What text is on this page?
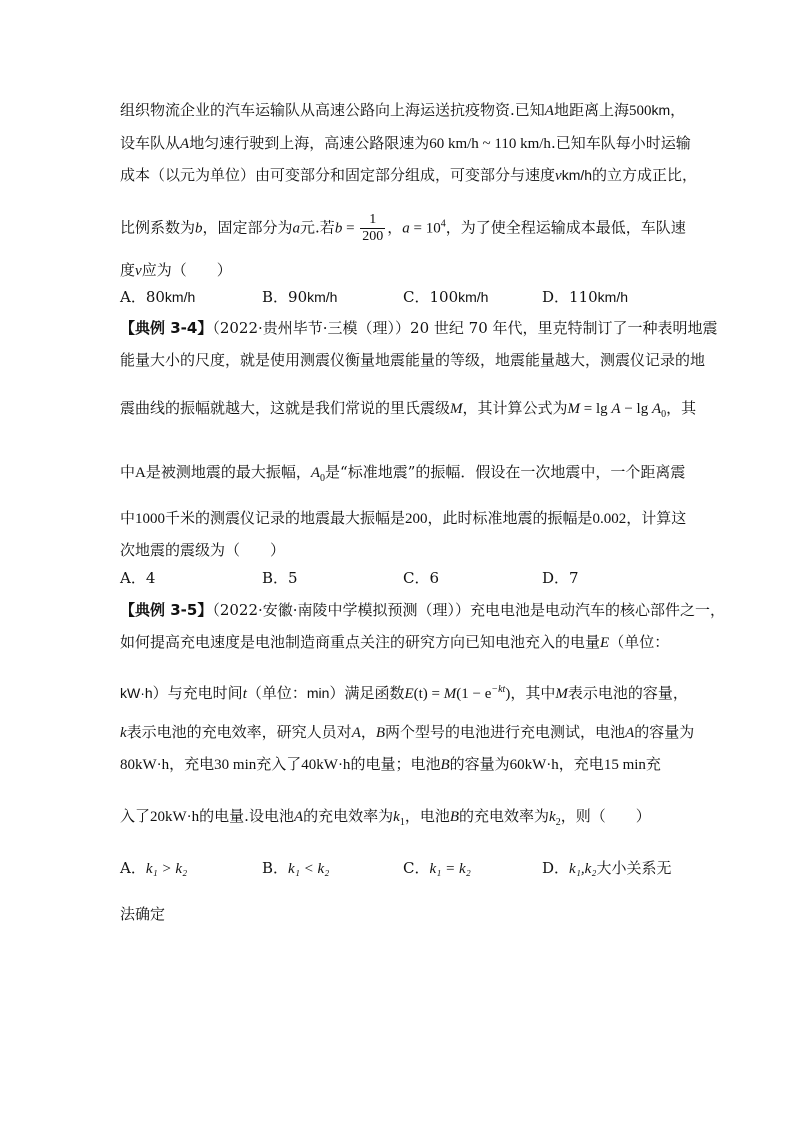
组织物流企业的汽车运输队从高速公路向上海运送抗疫物资.已知A地距离上海500km，
设车队从A地匀速行驶到上海，高速公路限速为60 km/h ~ 110 km/h.已知车队每小时运输
成本（以元为单位）由可变部分和固定部分组成，可变部分与速度vkm/h的立方成正比，
比例系数为b，固定部分为a元.若$b = \frac{1}{200}$ ，$a = 10^4$，为了使全程运输成本最低，车队速
度v应为（　　）
A．80km/h	B．90km/h	C．100km/h	D．110km/h
【典例 3-4】（2022·贵州毕节·三模（理））20 世纪 70 年代，里克特制订了一种表明地震
能量大小的尺度，就是使用测震仪衡量地震能量的等级，地震能量越大，测震仪记录的地
震曲线的振幅就越大，这就是我们常说的里氏震级M，其计算公式为$M = \lg A - \lg A_0$，其
中A是被测地震的最大振幅，$A_0$是“标准地震”的振幅．假设在一次地震中，一个距离震
中1000千米的测震仪记录的地震最大振幅是200，此时标准地震的振幅是0.002，计算这
次地震的震级为（　　）
A．4	B．5	C．6	D．7
【典例 3-5】（2022·安徽·南陵中学模拟预测（理））充电电池是电动汽车的核心部件之一，
如何提高充电速度是电池制造商重点关注的研究方向已知电池充入的电量E（单位：
kW·h）与充电时间t（单位：min）满足函数$E(t) = M(1 - e^{-kt})$，其中M表示电池的容量，
k表示电池的充电效率，研究人员对A，B两个型号的电池进行充电测试，电池A的容量为
80kW·h，充电30 min充入了40kW·h的电量；电池B的容量为60kW·h，充电15 min充
入了20kW·h的电量.设电池A的充电效率为$k_1$，电池B的充电效率为$k_2$，则（　　）
A．k₁ > k₂	B．k₁ < k₂	C．k₁ = k₂	D．k₁,k₂大小关系无
法确定
